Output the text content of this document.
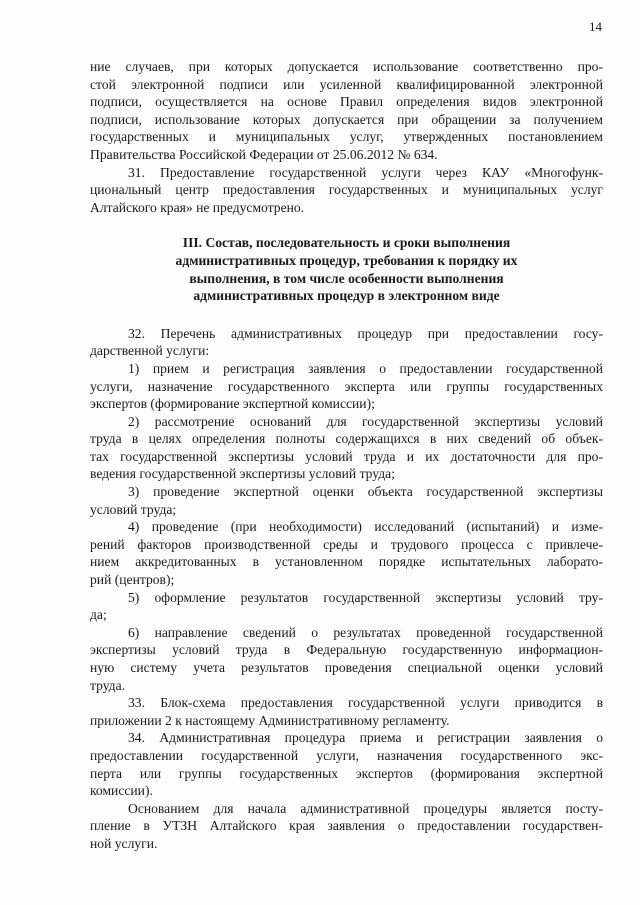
14
ние случаев, при которых допускается использование соответственно про-
стой электронной подписи или усиленной квалифицированной электронной
подписи, осуществляется на основе Правил определения видов электронной
подписи, использование которых допускается при обращении за получением
государственных и муниципальных услуг, утвержденных постановлением
Правительства Российской Федерации от 25.06.2012 № 634.
31. Предоставление государственной услуги через КАУ «Многофунк-
циональный центр предоставления государственных и муниципальных услуг
Алтайского края» не предусмотрено.
III. Состав, последовательность и сроки выполнения
административных процедур, требования к порядку их
выполнения, в том числе особенности выполнения
административных процедур в электронном виде
32. Перечень административных процедур при предоставлении госу-
дарственной услуги:
1) прием и регистрация заявления о предоставлении государственной
услуги, назначение государственного эксперта или группы государственных
экспертов (формирование экспертной комиссии);
2) рассмотрение оснований для государственной экспертизы условий
труда в целях определения полноты содержащихся в них сведений об объек-
тах государственной экспертизы условий труда и их достаточности для про-
ведения государственной экспертизы условий труда;
3) проведение экспертной оценки объекта государственной экспертизы
условий труда;
4) проведение (при необходимости) исследований (испытаний) и изме-
рений факторов производственной среды и трудового процесса с привлече-
нием аккредитованных в установленном порядке испытательных лаборато-
рий (центров);
5) оформление результатов государственной экспертизы условий тру-
да;
6) направление сведений о результатах проведенной государственной
экспертизы условий труда в Федеральную государственную информацион-
ную систему учета результатов проведения специальной оценки условий
труда.
33. Блок-схема предоставления государственной услуги приводится в
приложении 2 к настоящему Административному регламенту.
34. Административная процедура приема и регистрации заявления о
предоставлении государственной услуги, назначения государственного экс-
перта или группы государственных экспертов (формирования экспертной
комиссии).
Основанием для начала административной процедуры является посту-
пление в УТЗН Алтайского края заявления о предоставлении государствен-
ной услуги.
